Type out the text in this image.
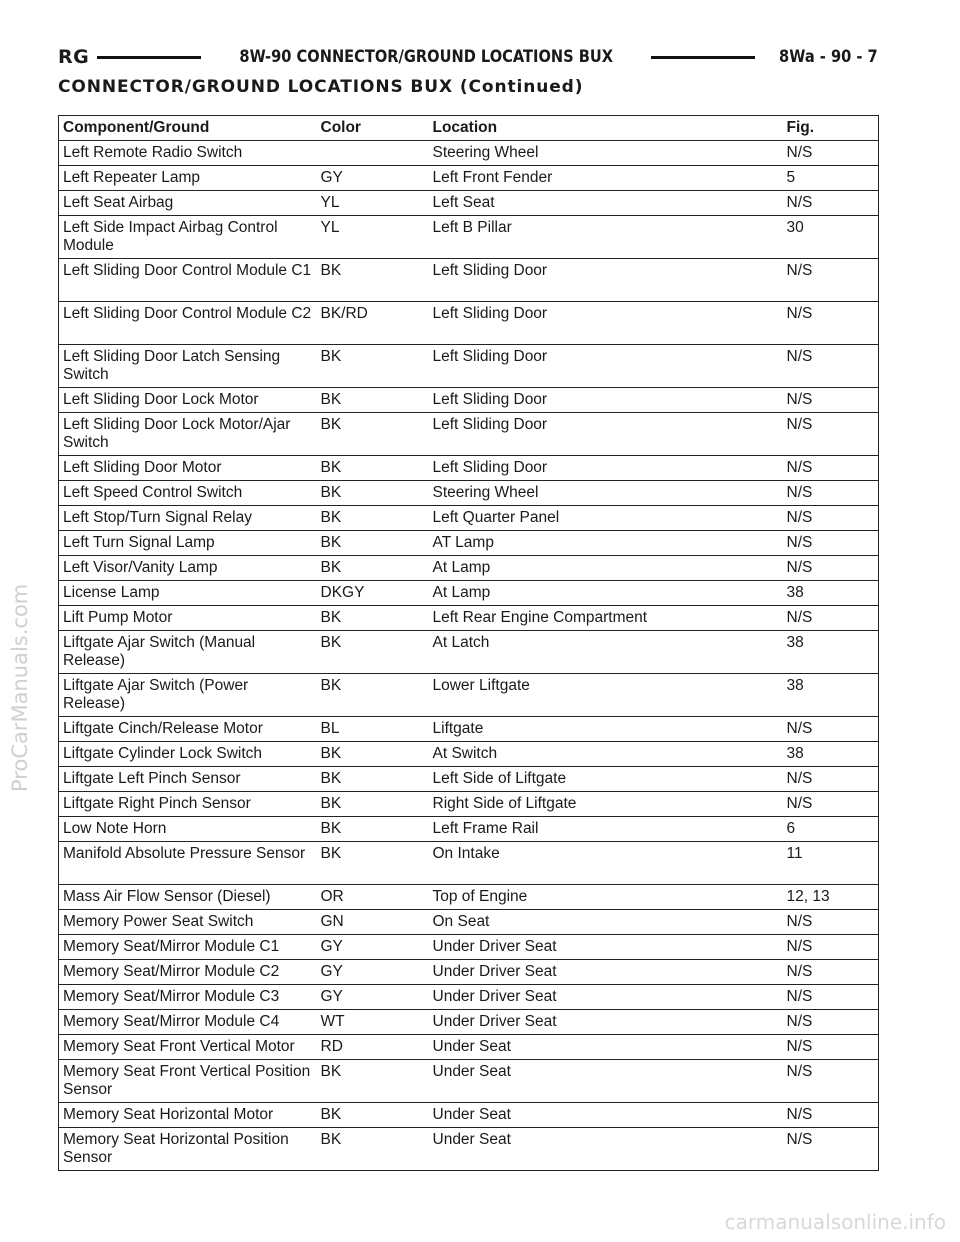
RG	8W-90 CONNECTOR/GROUND LOCATIONS BUX	8Wa - 90 - 7
CONNECTOR/GROUND LOCATIONS BUX (Continued)
Component/Ground	Color	Location	Fig.
Left Remote Radio Switch		Steering Wheel	N/S
Left Repeater Lamp	GY	Left Front Fender	5
Left Seat Airbag	YL	Left Seat	N/S
Left Side Impact Airbag Control Module	YL	Left B Pillar	30
Left Sliding Door Control Module C1	BK	Left Sliding Door	N/S
Left Sliding Door Control Module C2	BK/RD	Left Sliding Door	N/S
Left Sliding Door Latch Sensing Switch	BK	Left Sliding Door	N/S
Left Sliding Door Lock Motor	BK	Left Sliding Door	N/S
Left Sliding Door Lock Motor/Ajar Switch	BK	Left Sliding Door	N/S
Left Sliding Door Motor	BK	Left Sliding Door	N/S
Left Speed Control Switch	BK	Steering Wheel	N/S
Left Stop/Turn Signal Relay	BK	Left Quarter Panel	N/S
Left Turn Signal Lamp	BK	AT Lamp	N/S
Left Visor/Vanity Lamp	BK	At Lamp	N/S
License Lamp	DKGY	At Lamp	38
Lift Pump Motor	BK	Left Rear Engine Compartment	N/S
Liftgate Ajar Switch (Manual Release)	BK	At Latch	38
Liftgate Ajar Switch (Power Release)	BK	Lower Liftgate	38
Liftgate Cinch/Release Motor	BL	Liftgate	N/S
Liftgate Cylinder Lock Switch	BK	At Switch	38
Liftgate Left Pinch Sensor	BK	Left Side of Liftgate	N/S
Liftgate Right Pinch Sensor	BK	Right Side of Liftgate	N/S
Low Note Horn	BK	Left Frame Rail	6
Manifold Absolute Pressure Sensor	BK	On Intake	11
Mass Air Flow Sensor (Diesel)	OR	Top of Engine	12, 13
Memory Power Seat Switch	GN	On Seat	N/S
Memory Seat/Mirror Module C1	GY	Under Driver Seat	N/S
Memory Seat/Mirror Module C2	GY	Under Driver Seat	N/S
Memory Seat/Mirror Module C3	GY	Under Driver Seat	N/S
Memory Seat/Mirror Module C4	WT	Under Driver Seat	N/S
Memory Seat Front Vertical Motor	RD	Under Seat	N/S
Memory Seat Front Vertical Position Sensor	BK	Under Seat	N/S
Memory Seat Horizontal Motor	BK	Under Seat	N/S
Memory Seat Horizontal Position Sensor	BK	Under Seat	N/S
ProCarManuals.com
carmanualsonline.info
